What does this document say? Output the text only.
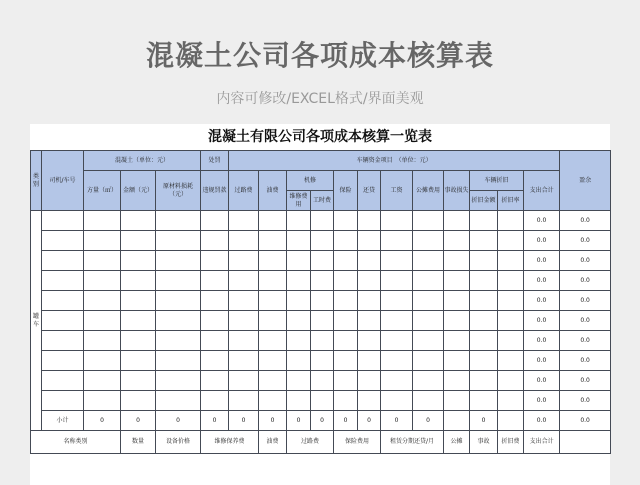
混凝土公司各项成本核算表
内容可修改/EXCEL格式/界面美观
混凝土有限公司各项成本核算一览表
类别	司机/车号	混凝土（单位：元）			处罚	车辆资金项目　（单位：元）												盈余
		方量（㎡）	金额（元）	原材料损耗（元）	违规罚款	过路费	油费	机修		保险	还贷	工资	公摊费用	事故损失	车辆折旧		支出合计	
								维修费用	工时费						折旧金额	折旧率		
罐车																	0.0	0.0
																	0.0	0.0
																	0.0	0.0
																	0.0	0.0
																	0.0	0.0
																	0.0	0.0
																	0.0	0.0
																	0.0	0.0
																	0.0	0.0
																	0.0	0.0
	小计	0	0	0	0	0	0	0	0	0	0	0	0		0		0.0	0.0
名称类别			数量	设备价格	维修保养费		油费	过路费		保险费用		租赁分期还贷/月		公摊	事故	折旧费	支出合计	
